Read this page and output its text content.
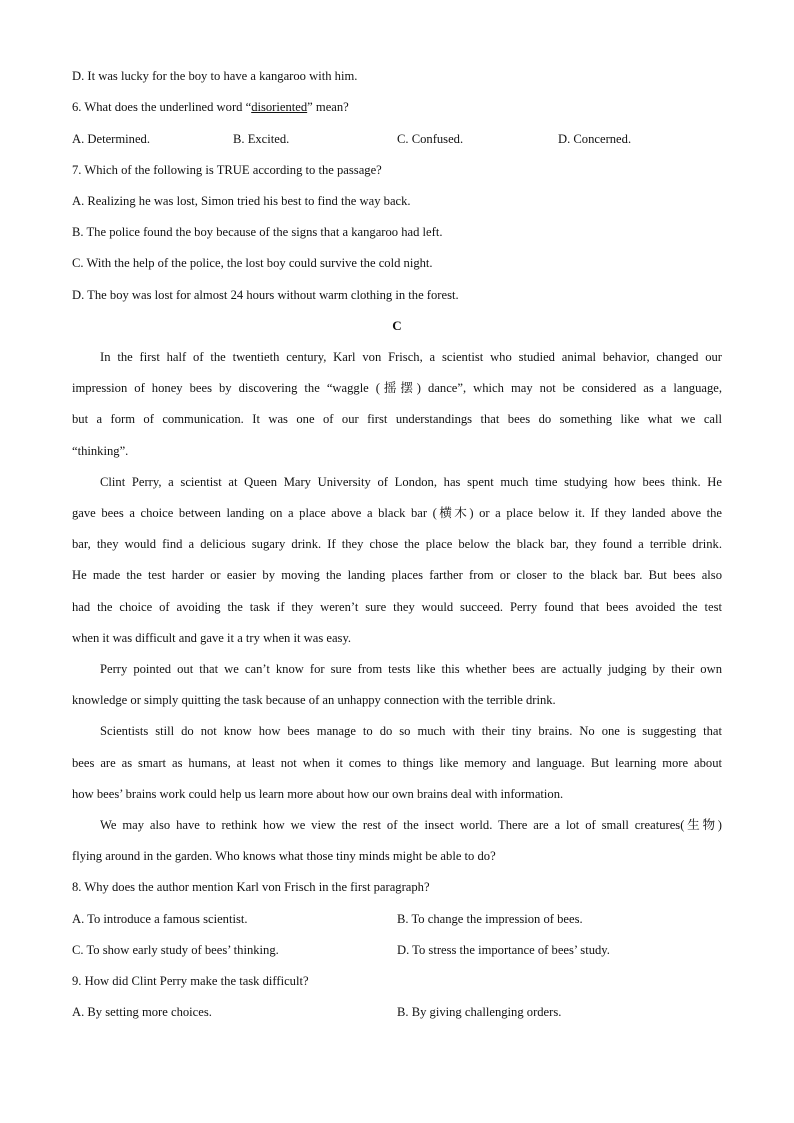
D. It was lucky for the boy to have a kangaroo with him.
6. What does the underlined word “disoriented” mean?
A. Determined.	B. Excited.	C. Confused.	D. Concerned.
7. Which of the following is TRUE according to the passage?
A. Realizing he was lost, Simon tried his best to find the way back.
B. The police found the boy because of the signs that a kangaroo had left.
C. With the help of the police, the lost boy could survive the cold night.
D. The boy was lost for almost 24 hours without warm clothing in the forest.
C
In the first half of the twentieth century, Karl von Frisch, a scientist who studied animal behavior, changed our
impression of honey bees by discovering the “waggle (摇摆) dance”, which may not be considered as a language,
but a form of communication. It was one of our first understandings that bees do something like what we call
“thinking”.
Clint Perry, a scientist at Queen Mary University of London, has spent much time studying how bees think. He
gave bees a choice between landing on a place above a black bar (横木) or a place below it. If they landed above the
bar, they would find a delicious sugary drink. If they chose the place below the black bar, they found a terrible drink.
He made the test harder or easier by moving the landing places farther from or closer to the black bar. But bees also
had the choice of avoiding the task if they weren’t sure they would succeed. Perry found that bees avoided the test
when it was difficult and gave it a try when it was easy.
Perry pointed out that we can’t know for sure from tests like this whether bees are actually judging by their own
knowledge or simply quitting the task because of an unhappy connection with the terrible drink.
Scientists still do not know how bees manage to do so much with their tiny brains. No one is suggesting that
bees are as smart as humans, at least not when it comes to things like memory and language. But learning more about
how bees’ brains work could help us learn more about how our own brains deal with information.
We may also have to rethink how we view the rest of the insect world. There are a lot of small creatures(生物)
flying around in the garden. Who knows what those tiny minds might be able to do?
8. Why does the author mention Karl von Frisch in the first paragraph?
A. To introduce a famous scientist.	B. To change the impression of bees.
C. To show early study of bees’ thinking.	D. To stress the importance of bees’ study.
9. How did Clint Perry make the task difficult?
A. By setting more choices.	B. By giving challenging orders.
